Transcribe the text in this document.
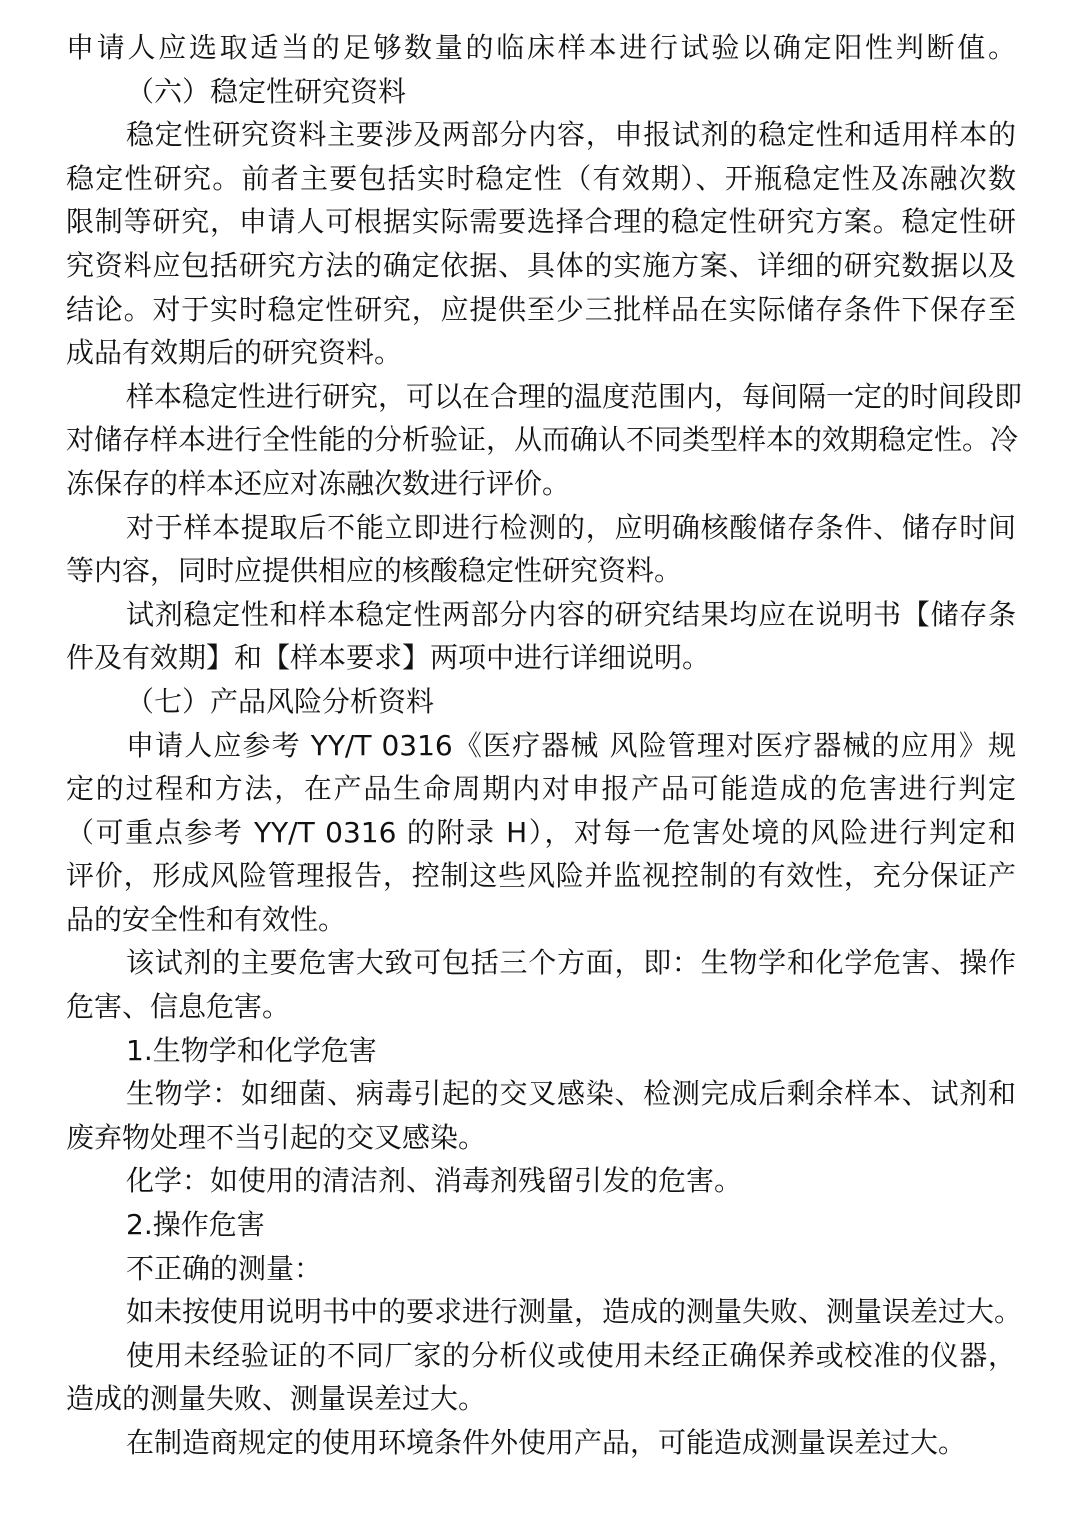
申请人应选取适当的足够数量的临床样本进行试验以确定阳性判断值。

（六）稳定性研究资料

稳定性研究资料主要涉及两部分内容，申报试剂的稳定性和适用样本的

稳定性研究。前者主要包括实时稳定性（有效期）、开瓶稳定性及冻融次数

限制等研究，申请人可根据实际需要选择合理的稳定性研究方案。稳定性研

究资料应包括研究方法的确定依据、具体的实施方案、详细的研究数据以及

结论。对于实时稳定性研究，应提供至少三批样品在实际储存条件下保存至

成品有效期后的研究资料。

样本稳定性进行研究，可以在合理的温度范围内，每间隔一定的时间段即

对储存样本进行全性能的分析验证，从而确认不同类型样本的效期稳定性。冷

冻保存的样本还应对冻融次数进行评价。

对于样本提取后不能立即进行检测的，应明确核酸储存条件、储存时间

等内容，同时应提供相应的核酸稳定性研究资料。

试剂稳定性和样本稳定性两部分内容的研究结果均应在说明书【储存条

件及有效期】和【样本要求】两项中进行详细说明。

（七）产品风险分析资料

申请人应参考 YY/T 0316《医疗器械 风险管理对医疗器械的应用》规

定的过程和方法，在产品生命周期内对申报产品可能造成的危害进行判定

（可重点参考 YY/T 0316 的附录 H），对每一危害处境的风险进行判定和

评价，形成风险管理报告，控制这些风险并监视控制的有效性，充分保证产

品的安全性和有效性。

该试剂的主要危害大致可包括三个方面，即：生物学和化学危害、操作

危害、信息危害。

1.生物学和化学危害

生物学：如细菌、病毒引起的交叉感染、检测完成后剩余样本、试剂和

废弃物处理不当引起的交叉感染。

化学：如使用的清洁剂、消毒剂残留引发的危害。

2.操作危害

不正确的测量：

如未按使用说明书中的要求进行测量，造成的测量失败、测量误差过大。

使用未经验证的不同厂家的分析仪或使用未经正确保养或校准的仪器，

造成的测量失败、测量误差过大。

在制造商规定的使用环境条件外使用产品，可能造成测量误差过大。
